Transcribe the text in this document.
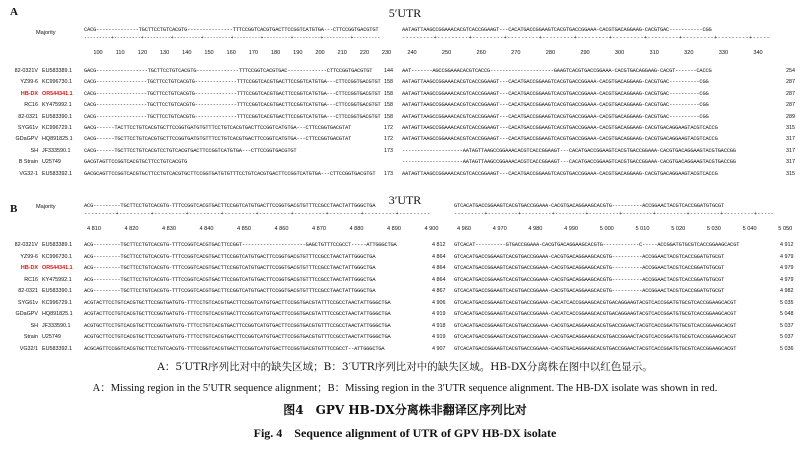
A	5′UTR
Majority	CACG--------------TGCTTCCTGTCACGTG---------------TTTCCGGTCACGTGACTTCCGGTCATGTGA---CTTCCGGTGACGTGT	AATAGTTAAGCCGGAAACACGTCACCGGAAGT---CACATGACCGGAAGTCACGTGACCGGAAA-CACGTGACAGGAAG-CACGTGAC-----------CGG
---------+---------+---------+---------+---------+---------+---------+---------+---------+---------	---------+---------+---------+---------+---------+---------+---------+---------+---------+---------+-----
100 110 120 130 140 150 160 170 180 190 200 210 220 230	240	250	260	270	280	290	300	310	320	330	340
82-0321V EU583389.1 GACG-----------------TGCTTCCTGTCACGTG--------------TTTCCGGTCACGTGAC-------------CTTCCGGTGACGTGT 144 AAT-------AGCCGGAAACACGTCACCG---------------------GAAGTCACGTGACCGGAAA-CACGTGACAGGAAG-CACGT-------CACCG	254
YZ99-6 KC996730.1 CACG-----------------TGCTTCCTGTCACGTG--------------TTTCCGGTCACGTGACTTCCGGTCATGTGA---CTTCCGGTGACGTGT 158 AATAGTTAAGCCGGAAACACGTCACCGGAAGT---CACATGACCGGAAGTCACGTGACCGGAAA-CACGTGACAGGAAG-CACGTGAC----------CGG	287
HB-DX OR544341.1 CACG-----------------TGCTTCCTGTCACGTG--------------TTTCCGGTCACGTGACTTCCGGTCATGTGA---CTTCCGGTGACGTGT 158 AATAGTTAAGCCGGAAACACGTCACCGGAAGT---CACATGACCGGAAGTCACGTGACCGGAAA-CACGTGACAGGAAG-CACGTGAC----------CGG	287
RC16 KY475992.1 CACG-----------------TGCTTCCTGTCACGTG--------------TTTCCGGTCACGTGACTTCCGGTCATGTGA---CTTCCGGTGACGTGT 158 AATAGTTAAGCCGGAAACACGTCACCGGAAGT---CACATGACCGGAAGTCACGTGACCGGAAA-CACGTGACAGGAAG-CACGTGAC----------CGG	287
82-0321 EU583390.1 CACG-----------------TGCTTCCTGTCACGTG--------------TTTCCGGTCACGTGACTTCCGGTCATGTGA---CTTCCGGTGACGTGT 158 AATAGTTAAGCCGGAAACACGTCACCGGAAGT---CACATGACCGGAAGTCACGTGACCGGAAA-CACGTGACAGGAAG-CACGTGAC----------CGG	289
SYG61v KC996729.1 GACG------TACTTCCTGTCACGTGCTTCCGGTGATGTGTTTCCTGTCACGTGACTTCCGGTCATGTGA---CTTCCGGTGACGTAT	172 AATAGTTAAGCCGGAAACACGTCACCGGAAGT---CACATGACCGGAAGTCACGTGACCGGAAA-CACGTGACAGGAAG-CACGTGACAGGAAGTACGTCACCG	315
GDaGPV HQ891825.1 CACG------TGCTTCCTGTCACGTGCTTCCGGTGATGTGTTTCCTGTCACGTGACTTCCGGTCATGTGA---CTTCCGGTGACGTAT	172 AATAGTTAAGCCGGAAACACGTCACCGGAAGT---CACATGACCGGAAGTCACGTGACCGGAAA-CACGTGACAGGAAG-CACGTGACAGGAAGTACGTCACCG	317
SH JF333590.1	CACG------TGCTTCCTGTCACGTCCTGTCACGTGACTTCCGGTCATGTGA---CTTCCGGTGACGTGT	173 --------------------AATAGTTAAGCCGGAAACACGTCACCGGAAGT---CACATGACCGGAAGTCACGTGACCGGAAA-CACGTGACAGGAAGTACGTGACCGG	317
B Strain U25749	GACGTAGTTCCGGTCACGTGCTTCCTGTCACGTG	--------------------AATAGTTAAGCCGGAAACACGTCACCGGAAGT---CACATGACCGGAAGTCACGTGACCGGAAA-CACGTGACAGGAAGTACGTGACCGG	317
VG32-1 EU583392.1 GACGCAGTTCCGGTCACGTGCTTCCTGTCACGTGCTTCCGGTGATGTGTTTCCTGTCACGTGACTTCCGGTCATGTGA---CTTCCGGTGACGTGT 173 AATAGTTAAGCCGGAAACACGTCACCGGAAGT---CACATGACCGGAAGTCACGTGACCGGAAA-CACGTGACAGGAAG-CACGTGACAGGAAGTACGTCACCG	315
B
3′UTR
Majority	ACG---------TGCTTCCTGTCACGTG-TTTCCGGTCACGTGACTTCCGGTCATGTGACTTCCGGTGACGTGTTTCCGCCTAACTATTGGGCTGA	GTCACATGACCGGAAGTCACGTGACCGGAAA-CACGTGACAGGAAGCACGTG----------ACCGGAACTACGTCACCGGATGTGCGT
---------+---------+---------+---------+---------+---------+---------+---------+---------+---------	---------+---------+---------+---------+---------+---------+---------+---------+---------+-----
4 810	4 820	4 830	4 840	4 850	4 860	4 870	4 880	4 890	4 900	4 960	4 970	4 980	4 990	5 000	5 010	5 020	5 030	5 040	5 050
82-0321V EU583389.1 ACG---------TGCTTCCTGTCACGTG-TTTCCGGTCACGTGACTTCCGGT---------------------GAGCTGTTTCCGCCT-----ATTGGGCTGA	4 812 GTCACAT----------GTGACCGGAAA-CACGTGACAGGAAGCACGTG------------C-----ACCGGATGTGCGTCACCGGAAGCACGT	4 912
YZ99-6 KC996730.1 ACG---------TGCTTCCTGTCACGTG-TTTCCGGTCACGTGACTTCCGGTCATGTGACTTCCGGTGACGTGTTTCCGCCTAACTATTGGGCTGA	4 864 GTCACATGACCGGAAGTCACGTGACCGGAAA-CACGTGACAGGAAGCACGTG----------ACCGGAACTACGTCACCGGATGTGCGT	4 979
HB-DX OR544341.1 ACG---------TGCTTCCTGTCACGTG-TTTCCGGTCACGTGACTTCCGGTCATGTGACTTCCGGTGACGTGTTTCCGCCTAACTATTGGGCTGA	4 864 GTCACATGACCGGAAGTCACGTGACCGGAAA-CACGTGACAGGAAGCACGTG----------ACCGGAACTACGTCACCGGATGTGCGT	4 979
RC16 KY475992.1 ACG---------TGCTTCCTGTCACGTG-TTTCCGGTCACGTGACTTCCGGTCATGTGACTTCCGGTGACGTGTTTCCGCCTAACTATTGGGCTGA	4 864 GTCACATGACCGGAAGTCACGTGACCGGAAA-CACGTGACAGGAAGCACGTG----------ACCGGAACTACGTCACCGGATGTGCGT	4 979
82-0321 EU583390.1 ACG---------TGCTTCCTGTCACGTG-TTTCCGGTCACGTGACTTCCGGTCATGTGACTTCCGGTGACGTGTTTCCGCCTAACTATTGGGCTGA	4 867 GTCACATGACCGGAAGTCACGTGACCGGAAA-CACGTGACAGGAAGCACGTG----------ACCGGAACTACGTCACCGGATGTGCGT	4 982
SYG61v KC996729.1 ACGTACTTCCTGTCACGTGCTTCCGGTGATGTG-TTTCCTGTCACGTGACTTCCGGTCATGTGACTTCCGGTGACGTATTTCCGCCTAACTATTGGGCTGA	4 906 GTCACATGACCGGAAGTCACGTGACCGGAAA-CACATCACCGGAAGCACGTGACAGGAAGTACGTCACCGGATGTGCGTCACCGGAAGCACGT	5 035
GDaGPV HQ891825.1 ACGTACTTCCTGTCACGTGCTTCCGGTGATGTG-TTTCCTGTCACGTGACTTCCGGTCATGTGACTTCCGGTGACGTATTTCCGCCTAACTATTGGGCTGA	4 919 GTCACATGACCGGAAGTCACGTGACCGGAAA-CACATCACCGGAAGCACGTGACAGGAAGTACGTCACCGGATGTGCGTCACCGGAAGCACGT	5 048
SH JF333590.1	ACGTGCTTCCTGTCACGTGCTTCCGGTGATGTG-TTTCCTGTCACGTGACTTCCGGTCATGTGACTTCCGGTGACGTGTTTCCGCCTAACTATTGGGCTGA	4 918 GTCACATGACCGGAAGTCACGTGACCGGAAA-CACGTGACAGGAAGCACGTGACCGGAACTACGTCACCGGATGTGCGTCACCGGAAGCACGT	5 037
Strain U25749	ACGTGCTTCCTGTCACGTGCTTCCGGTGATGTG-TTTCCTGTCACGTGACTTCCGGTCATGTGACTTCCGGTGACGTGTTTCCGCCTAACTATTGGGCTGA	4 919 GTCACATGACCGGAAGTCACGTGACCGGAAA-CACGTGACAGGAAGCACGTGACCGGAACTACGTCACCGGATGTGCGTCACCGGAAGCACGT	5 037
VG32/1 EU583392.1 ACGCAGTTCCGGTCACGTGCTTCCTGTCACGTG-TTTCCGGTCACGTGACTTCCGGTCATGTGACTTCCGGTGACGTGTTTCCGCCT--ATTGGGCTGA	4 907 GTCACATGACCGGAAGTCACGTGACCGGAAA-CACGTGACAGGAAGCACGTGACCGGAACTACGTCACCGGATGTGCGTCACCGGAAGCACGT	5 036
A：5′UTR序列比对中的缺失区域；B：3′UTR序列比对中的缺失区域。HB-DX分离株在图中以红色显示。
A：Missing region in the 5′UTR sequence alignment；B：Missing region in the 3′UTR sequence alignment. The HB-DX isolate was shown in red.
图4　GPV HB-DX分离株非翻译区序列比对
Fig. 4　Sequence alignment of UTR of GPV HB-DX isolate
